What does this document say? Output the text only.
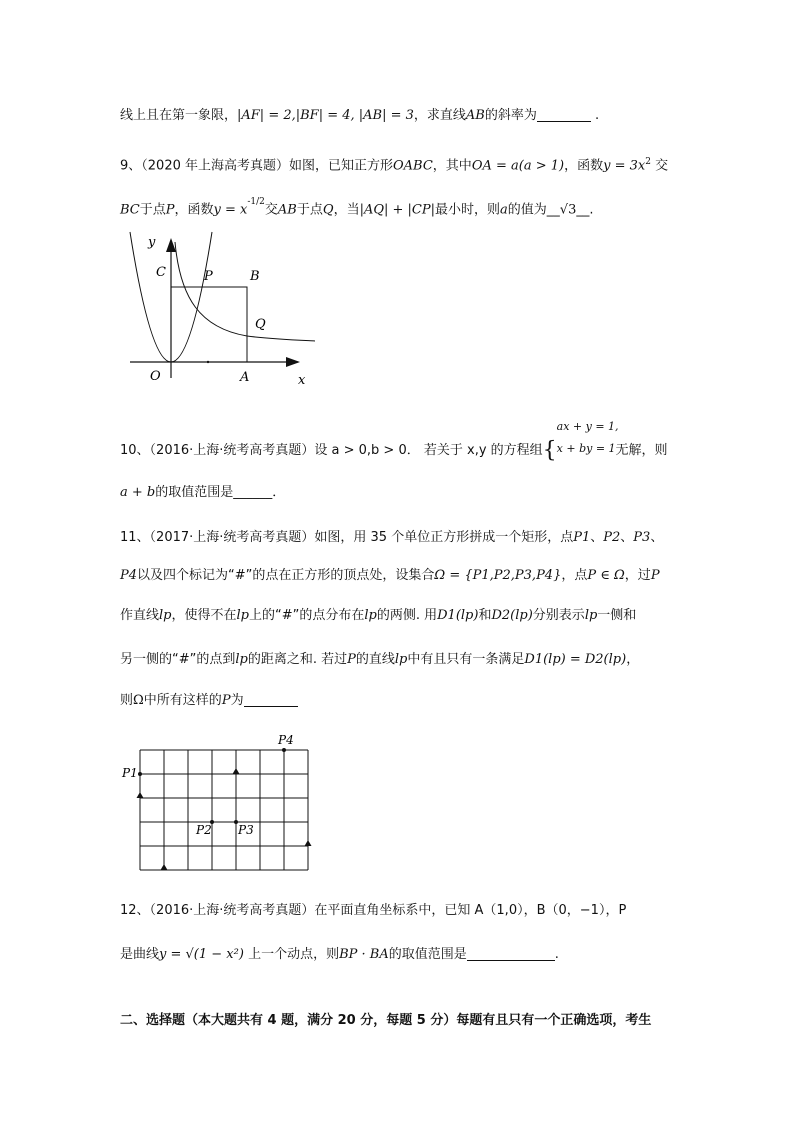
线上且在第一象限，|AF| = 2,|BF| = 4, |AB| = 3，求直线AB的斜率为	.
9、（2020 年上海高考真题）如图，已知正方形OABC，其中OA = a(a > 1)，函数$y = 3x^2$ 交
BC于点P，函数$y = x^{-1/2}$交AB于点Q，当|AQ| + |CP|最小时，则a的值为__√3__.
y
x
O	A
B
C	P
Q
10、（2016·上海·统考高考真题）设 a > 0,b > 0． 若关于 x,y 的方程组{
ax + y = 1,
x + by = 1无解，则
a + b的取值范围是______．
11、（2017·上海·统考高考真题）如图，用 35 个单位正方形拼成一个矩形，点P1、P2、P3、
P4以及四个标记为“#”的点在正方形的顶点处，设集合Ω = {P1,P2,P3,P4}，点P ∈ Ω，过P
作直线lp，使得不在lp上的“#”的点分布在lp的两侧. 用D1(lp)和D2(lp)分别表示lp一侧和
另一侧的“#”的点到lp的距离之和. 若过P的直线lp中有且只有一条满足D1(lp) = D2(lp)，
则Ω中所有这样的P为
P1
P2 P3
P4
12、（2016·上海·统考高考真题）在平面直角坐标系中，已知 A（1,0），B（0，−1），P
是曲线y = √(1 − x²) 上一个动点，则BP · BA的取值范围是	.
二、选择题（本大题共有 4 题，满分 20 分，每题 5 分）每题有且只有一个正确选项，考生
